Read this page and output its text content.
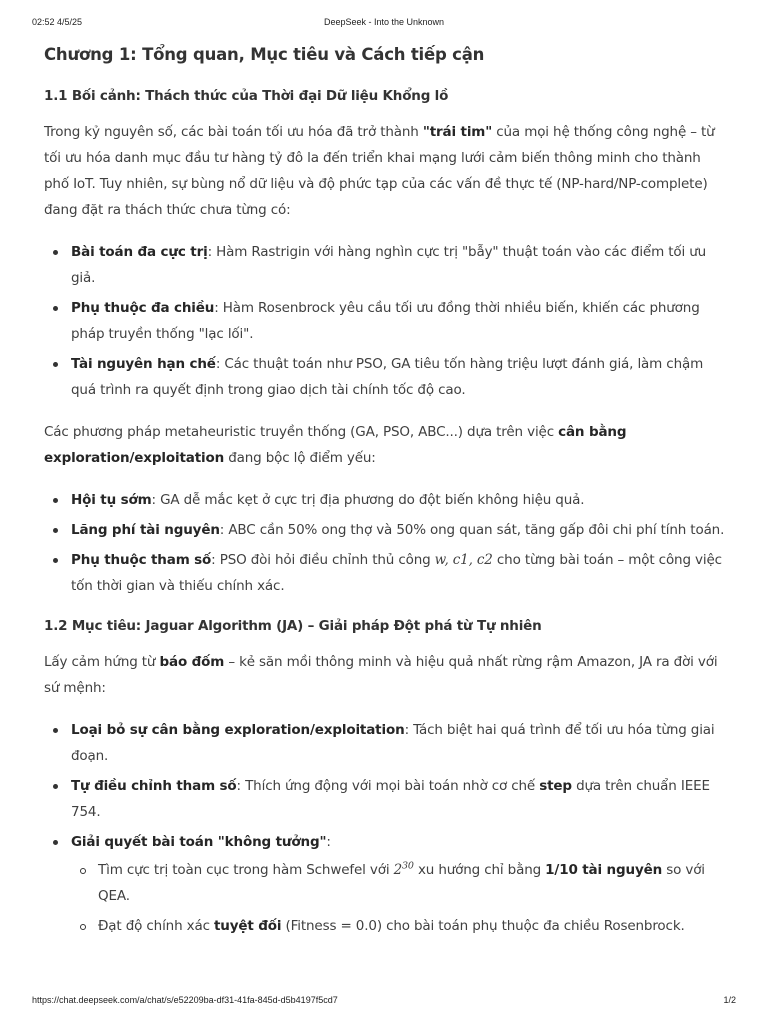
02:52 4/5/25	DeepSeek - Into the Unknown
Chương 1: Tổng quan, Mục tiêu và Cách tiếp cận
1.1 Bối cảnh: Thách thức của Thời đại Dữ liệu Khổng lồ

Trong kỷ nguyên số, các bài toán tối ưu hóa đã trở thành "trái tim" của mọi hệ thống công nghệ – từ tối ưu hóa danh mục đầu tư hàng tỷ đô la đến triển khai mạng lưới cảm biến thông minh cho thành phố IoT. Tuy nhiên, sự bùng nổ dữ liệu và độ phức tạp của các vấn đề thực tế (NP-hard/NP-complete) đang đặt ra thách thức chưa từng có:

Bài toán đa cực trị: Hàm Rastrigin với hàng nghìn cực trị "bẫy" thuật toán vào các điểm tối ưu giả.
Phụ thuộc đa chiều: Hàm Rosenbrock yêu cầu tối ưu đồng thời nhiều biến, khiến các phương pháp truyền thống "lạc lối".
Tài nguyên hạn chế: Các thuật toán như PSO, GA tiêu tốn hàng triệu lượt đánh giá, làm chậm quá trình ra quyết định trong giao dịch tài chính tốc độ cao.

Các phương pháp metaheuristic truyền thống (GA, PSO, ABC...) dựa trên việc cân bằng exploration/exploitation đang bộc lộ điểm yếu:

Hội tụ sớm: GA dễ mắc kẹt ở cực trị địa phương do đột biến không hiệu quả.
Lãng phí tài nguyên: ABC cần 50% ong thợ và 50% ong quan sát, tăng gấp đôi chi phí tính toán.
Phụ thuộc tham số: PSO đòi hỏi điều chỉnh thủ công w, c1, c2 cho từng bài toán – một công việc tốn thời gian và thiếu chính xác.
1.2 Mục tiêu: Jaguar Algorithm (JA) – Giải pháp Đột phá từ Tự nhiên

Lấy cảm hứng từ báo đốm – kẻ săn mồi thông minh và hiệu quả nhất rừng rậm Amazon, JA ra đời với sứ mệnh:

Loại bỏ sự cân bằng exploration/exploitation: Tách biệt hai quá trình để tối ưu hóa từng giai đoạn.
Tự điều chỉnh tham số: Thích ứng động với mọi bài toán nhờ cơ chế step dựa trên chuẩn IEEE 754.
Giải quyết bài toán "không tưởng":
Tìm cực trị toàn cục trong hàm Schwefel với $2^{30}$ xu hướng chỉ bằng 1/10 tài nguyên so với QEA.
Đạt độ chính xác tuyệt đối (Fitness = 0.0) cho bài toán phụ thuộc đa chiều Rosenbrock.
https://chat.deepseek.com/a/chat/s/e52209ba-df31-41fa-845d-d5b4197f5cd7	1/2
